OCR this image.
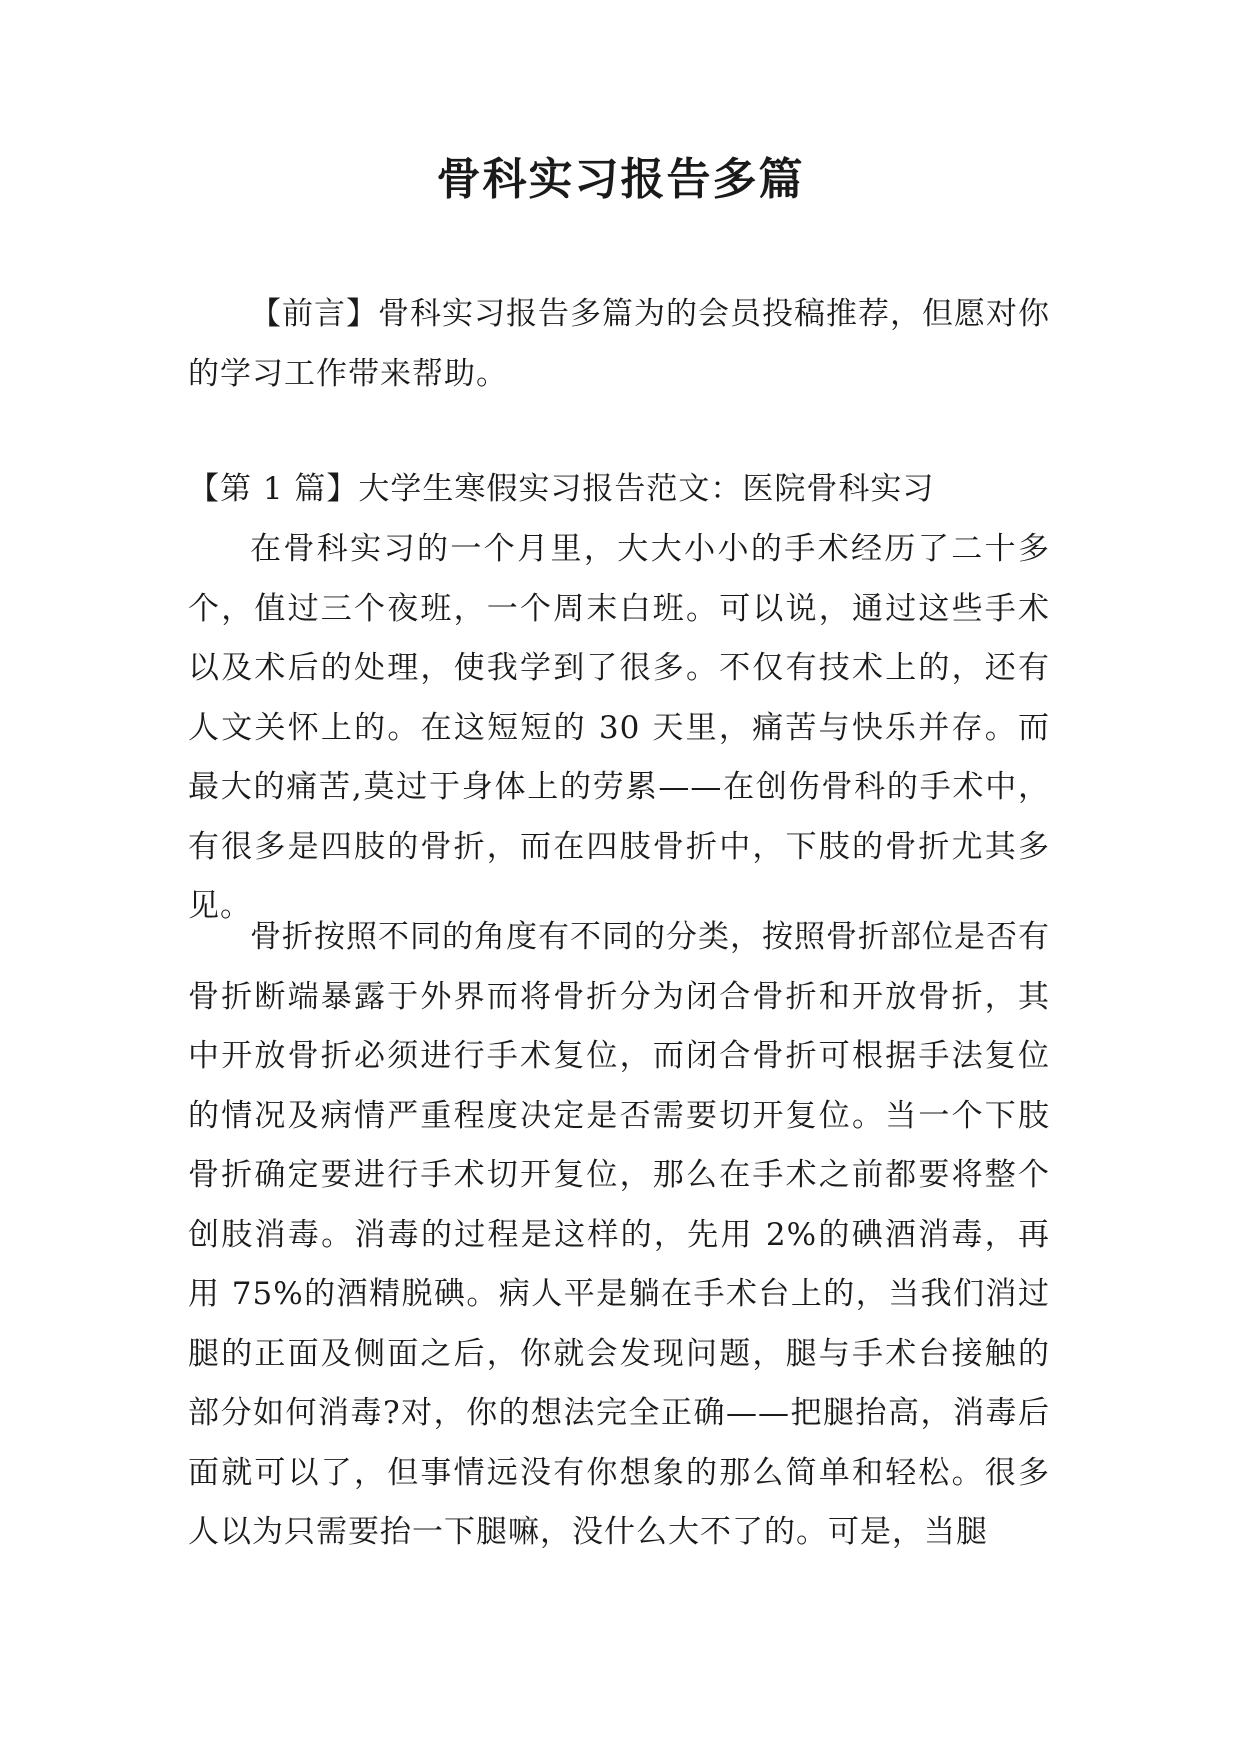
骨科实习报告多篇
【前言】骨科实习报告多篇为的会员投稿推荐，但愿对你的学习工作带来帮助。
【第 1 篇】大学生寒假实习报告范文：医院骨科实习

在骨科实习的一个月里，大大小小的手术经历了二十多个，值过三个夜班，一个周末白班。可以说，通过这些手术以及术后的处理，使我学到了很多。不仅有技术上的，还有人文关怀上的。在这短短的 30 天里，痛苦与快乐并存。而最大的痛苦,莫过于身体上的劳累——在创伤骨科的手术中，有很多是四肢的骨折，而在四肢骨折中，下肢的骨折尤其多见。

骨折按照不同的角度有不同的分类，按照骨折部位是否有骨折断端暴露于外界而将骨折分为闭合骨折和开放骨折，其中开放骨折必须进行手术复位，而闭合骨折可根据手法复位的情况及病情严重程度决定是否需要切开复位。当一个下肢骨折确定要进行手术切开复位，那么在手术之前都要将整个创肢消毒。消毒的过程是这样的，先用 2%的碘酒消毒，再用 75%的酒精脱碘。病人平是躺在手术台上的，当我们消过腿的正面及侧面之后，你就会发现问题，腿与手术台接触的部分如何消毒?对，你的想法完全正确——把腿抬高，消毒后面就可以了，但事情远没有你想象的那么简单和轻松。很多人以为只需要抬一下腿嘛，没什么大不了的。可是，当腿
